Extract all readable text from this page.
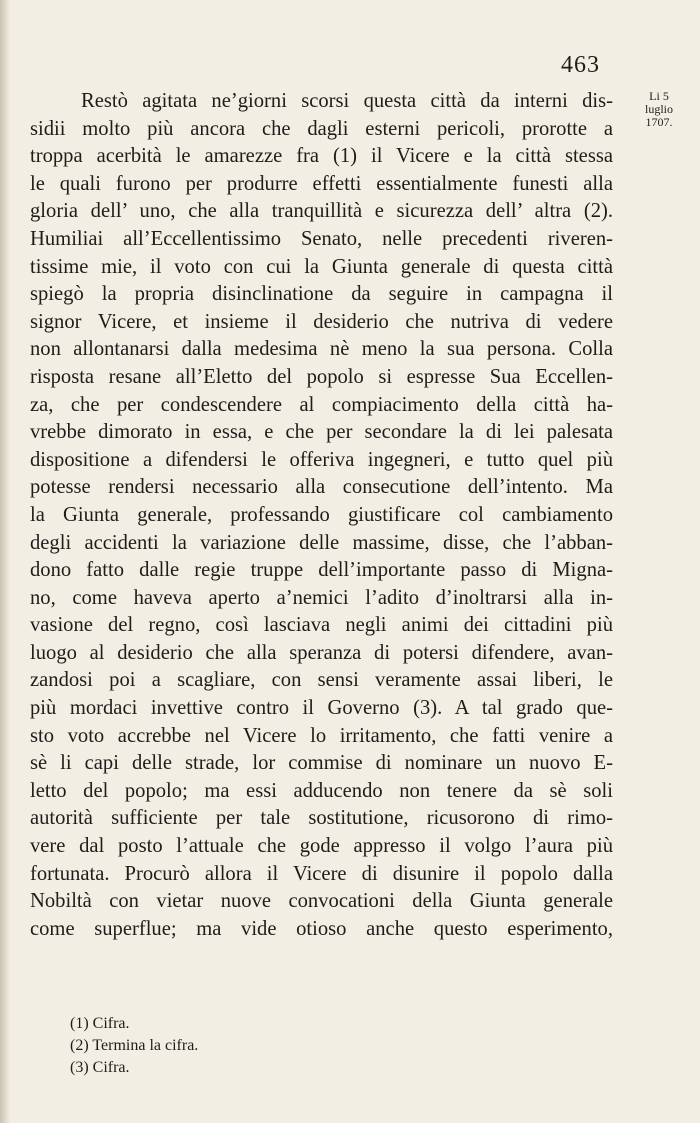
463
Li 5
luglio
1707.
Restò agitata ne’giorni scorsi questa città da interni dis-
sidii molto più ancora che dagli esterni pericoli, prorotte a
troppa acerbità le amarezze fra (1) il Vicere e la città stessa
le quali furono per produrre effetti essentialmente funesti alla
gloria dell’ uno, che alla tranquillità e sicurezza dell’ altra (2).
Humiliai all’Eccellentissimo Senato, nelle precedenti riveren-
tissime mie, il voto con cui la Giunta generale di questa città
spiegò la propria disinclinatione da seguire in campagna il
signor Vicere, et insieme il desiderio che nutriva di vedere
non allontanarsi dalla medesima nè meno la sua persona. Colla
risposta resane all’Eletto del popolo si espresse Sua Eccellen-
za, che per condescendere al compiacimento della città ha-
vrebbe dimorato in essa, e che per secondare la di lei palesata
dispositione a difendersi le offeriva ingegneri, e tutto quel più
potesse rendersi necessario alla consecutione dell’intento. Ma
la Giunta generale, professando giustificare col cambiamento
degli accidenti la variazione delle massime, disse, che l’abban-
dono fatto dalle regie truppe dell’importante passo di Migna-
no, come haveva aperto a’nemici l’adito d’inoltrarsi alla in-
vasione del regno, così lasciava negli animi dei cittadini più
luogo al desiderio che alla speranza di potersi difendere, avan-
zandosi poi a scagliare, con sensi veramente assai liberi, le
più mordaci invettive contro il Governo (3). A tal grado que-
sto voto accrebbe nel Vicere lo irritamento, che fatti venire a
sè li capi delle strade, lor commise di nominare un nuovo E-
letto del popolo; ma essi adducendo non tenere da sè soli
autorità sufficiente per tale sostitutione, ricusorono di rimo-
vere dal posto l’attuale che gode appresso il volgo l’aura più
fortunata. Procurò allora il Vicere di disunire il popolo dalla
Nobiltà con vietar nuove convocationi della Giunta generale
come superflue; ma vide otioso anche questo esperimento,
(1) Cifra.
(2) Termina la cifra.
(3) Cifra.
